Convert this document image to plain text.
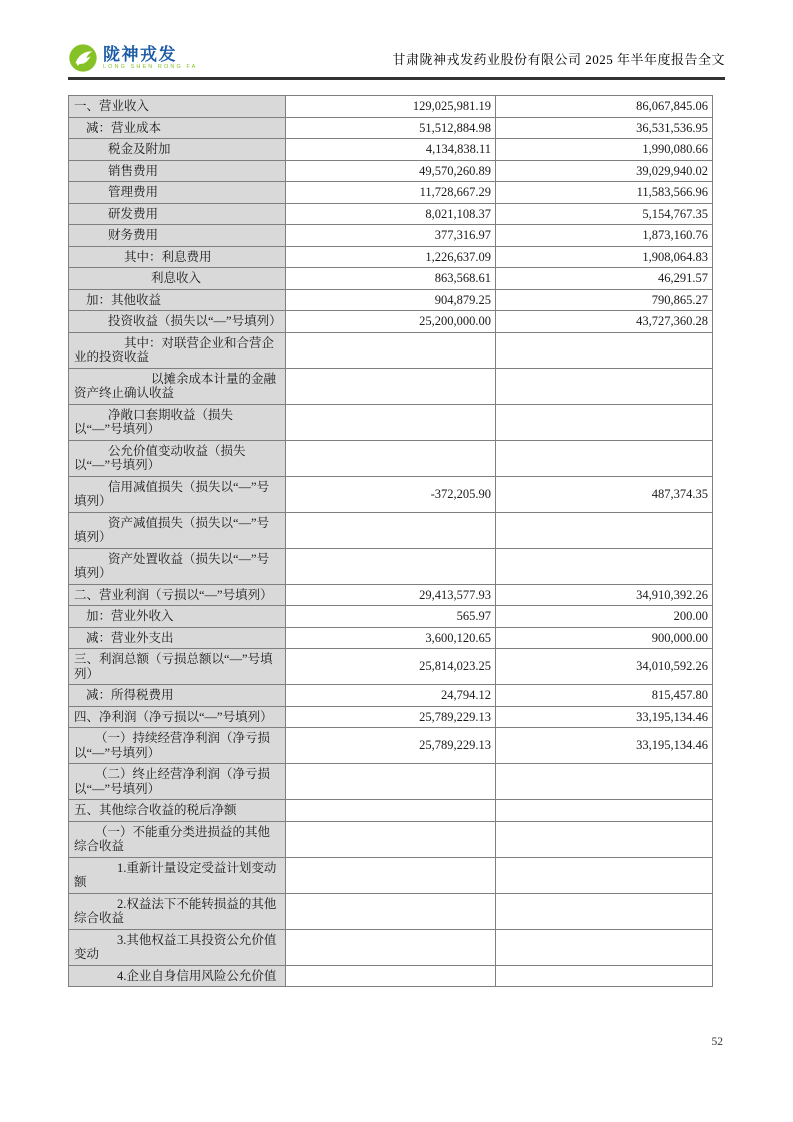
陇神戎发
LONG SHEN RONG FA
甘肃陇神戎发药业股份有限公司 2025 年半年度报告全文
一、营业收入	129,025,981.19	86,067,845.06
减：营业成本	51,512,884.98	36,531,536.95
税金及附加	4,134,838.11	1,990,080.66
销售费用	49,570,260.89	39,029,940.02
管理费用	11,728,667.29	11,583,566.96
研发费用	8,021,108.37	5,154,767.35
财务费用	377,316.97	1,873,160.76
其中：利息费用	1,226,637.09	1,908,064.83
利息收入	863,568.61	46,291.57
加：其他收益	904,879.25	790,865.27
投资收益（损失以“—”号填列）	25,200,000.00	43,727,360.28
其中：对联营企业和合营企业的投资收益		
以摊余成本计量的金融资产终止确认收益		
净敞口套期收益（损失以“—”号填列）		
公允价值变动收益（损失以“—”号填列）		
信用减值损失（损失以“—”号填列）	-372,205.90	487,374.35
资产减值损失（损失以“—”号填列）		
资产处置收益（损失以“—”号填列）		
二、营业利润（亏损以“—”号填列）	29,413,577.93	34,910,392.26
加：营业外收入	565.97	200.00
减：营业外支出	3,600,120.65	900,000.00
三、利润总额（亏损总额以“—”号填列）	25,814,023.25	34,010,592.26
减：所得税费用	24,794.12	815,457.80
四、净利润（净亏损以“—”号填列）	25,789,229.13	33,195,134.46
（一）持续经营净利润（净亏损以“—”号填列）	25,789,229.13	33,195,134.46
（二）终止经营净利润（净亏损以“—”号填列）		
五、其他综合收益的税后净额		
（一）不能重分类进损益的其他综合收益		
1.重新计量设定受益计划变动额		
2.权益法下不能转损益的其他综合收益		
3.其他权益工具投资公允价值变动		
4.企业自身信用风险公允价值		
52
